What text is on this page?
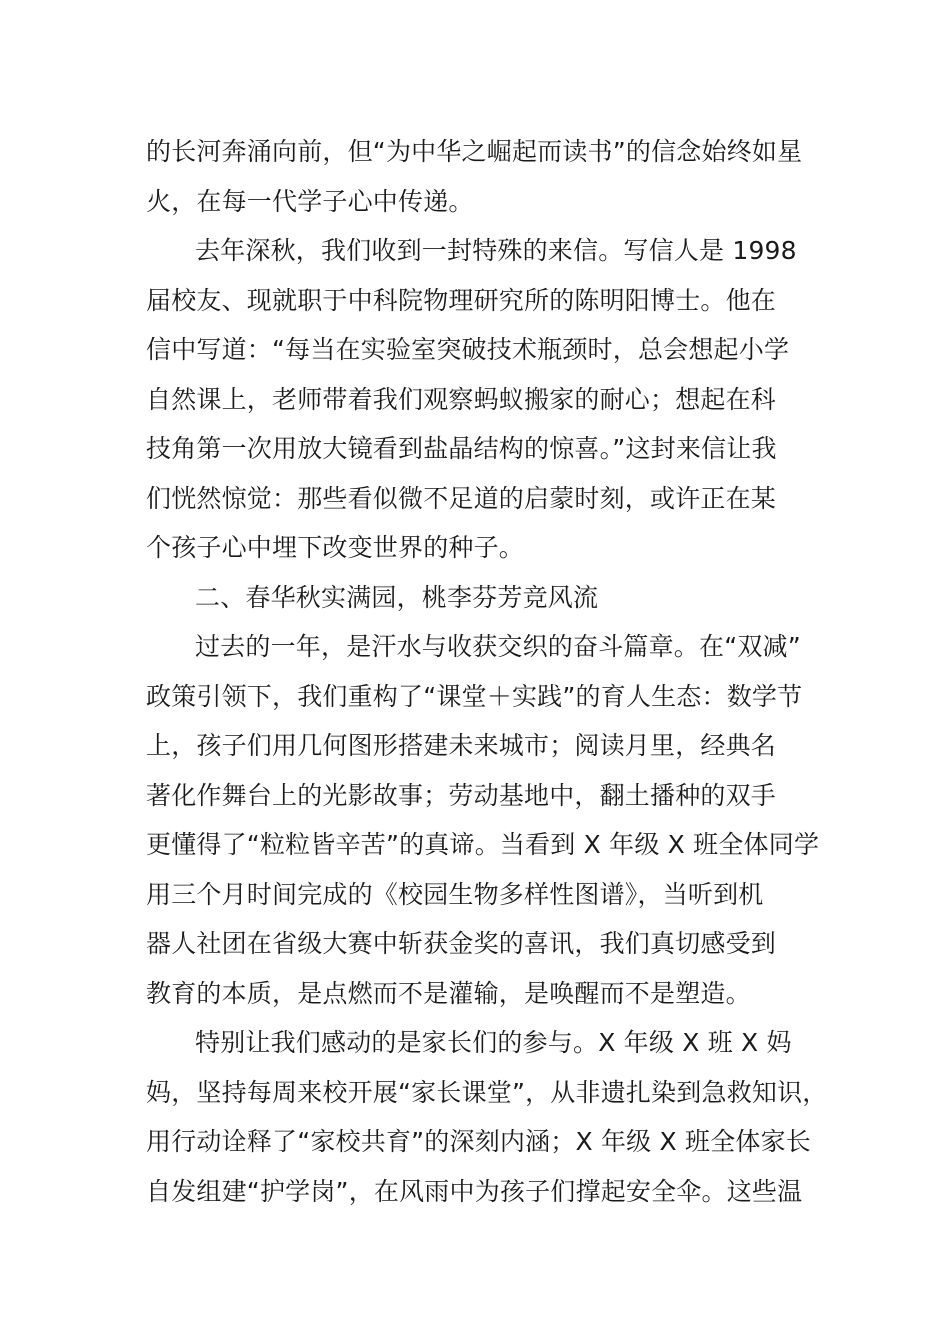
的长河奔涌向前，但“为中华之崛起而读书”的信念始终如星
火，在每一代学子心中传递。
去年深秋，我们收到一封特殊的来信。写信人是 1998
届校友、现就职于中科院物理研究所的陈明阳博士。他在
信中写道：“每当在实验室突破技术瓶颈时，总会想起小学
自然课上，老师带着我们观察蚂蚁搬家的耐心；想起在科
技角第一次用放大镜看到盐晶结构的惊喜。”这封来信让我
们恍然惊觉：那些看似微不足道的启蒙时刻，或许正在某
个孩子心中埋下改变世界的种子。
二、春华秋实满园，桃李芬芳竞风流
过去的一年，是汗水与收获交织的奋斗篇章。在“双减”
政策引领下，我们重构了“课堂＋实践”的育人生态：数学节
上，孩子们用几何图形搭建未来城市；阅读月里，经典名
著化作舞台上的光影故事；劳动基地中，翻土播种的双手
更懂得了“粒粒皆辛苦”的真谛。当看到 X 年级 X 班全体同学
用三个月时间完成的《校园生物多样性图谱》，当听到机
器人社团在省级大赛中斩获金奖的喜讯，我们真切感受到
教育的本质，是点燃而不是灌输，是唤醒而不是塑造。
特别让我们感动的是家长们的参与。X 年级 X 班 X 妈
妈，坚持每周来校开展“家长课堂”，从非遗扎染到急救知识，
用行动诠释了“家校共育”的深刻内涵；X 年级 X 班全体家长
自发组建“护学岗”，在风雨中为孩子们撑起安全伞。这些温
